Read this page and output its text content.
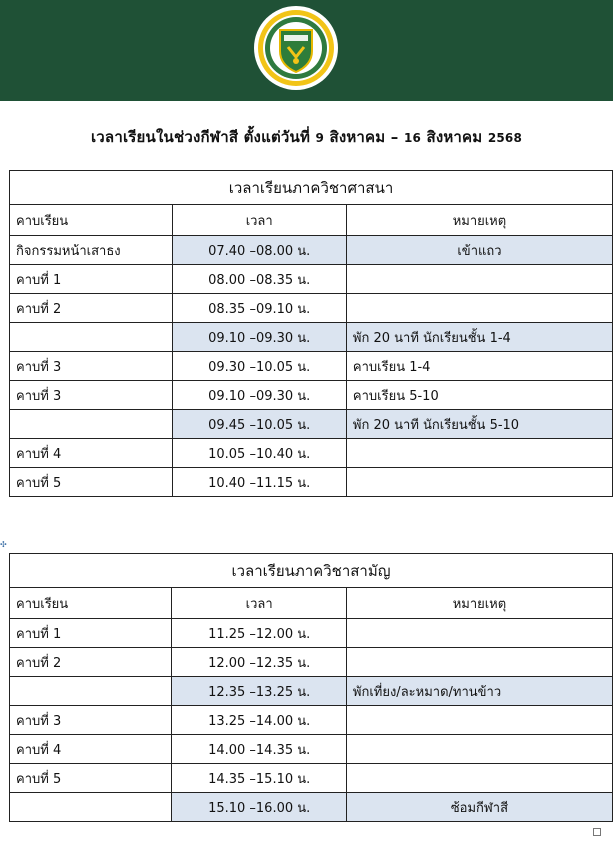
เวลาเรียนในช่วงกีฬาสี ตั้งแต่วันที่ 9 สิงหาคม – 16 สิงหาคม 2568
เวลาเรียนภาควิชาศาสนา		
คาบเรียน	เวลา	หมายเหตุ
กิจกรรมหน้าเสาธง	07.40 –08.00 น.	เข้าแถว
คาบที่ 1	08.00 –08.35 น.	
คาบที่ 2	08.35 –09.10 น.	
	09.10 –09.30 น.	พัก 20 นาที นักเรียนชั้น 1-4
คาบที่ 3	09.30 –10.05 น.	คาบเรียน 1-4
คาบที่ 3	09.10 –09.30 น.	คาบเรียน 5-10
	09.45 –10.05 น.	พัก 20 นาที นักเรียนชั้น 5-10
คาบที่ 4	10.05 –10.40 น.	
คาบที่ 5	10.40 –11.15 น.	
✣
เวลาเรียนภาควิชาสามัญ		
คาบเรียน	เวลา	หมายเหตุ
คาบที่ 1	11.25 –12.00 น.	
คาบที่ 2	12.00 –12.35 น.	
	12.35 –13.25 น.	พักเที่ยง/ละหมาด/ทานข้าว
คาบที่ 3	13.25 –14.00 น.	
คาบที่ 4	14.00 –14.35 น.	
คาบที่ 5	14.35 –15.10 น.	
	15.10 –16.00 น.	ซ้อมกีฬาสี
